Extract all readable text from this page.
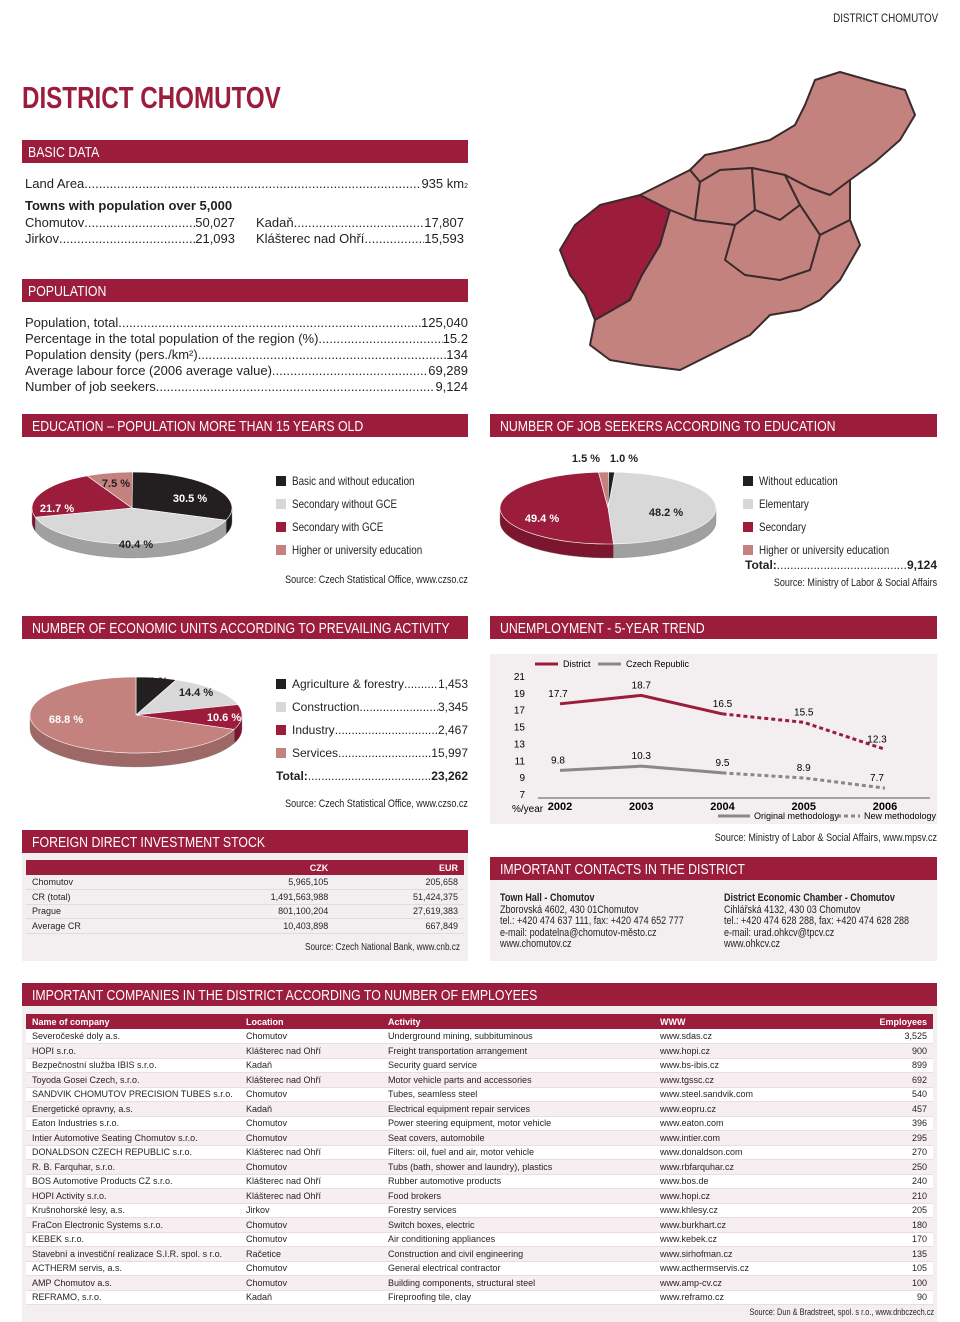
DISTRICT CHOMUTOV
DISTRICT CHOMUTOV
BASIC DATA
Land Area .....	935 $km_2$
Towns with population over 5,000
Chomutov .....	50,027
Jirkov .....	21,093
Kadaň .....	17,807
Klášterec nad Ohří .....	15,593
POPULATION
Population, total .....	125,040
Percentage in the total population of the region (%) .....	15.2
Population density (pers./km²) .....	134
Average labour force (2006 average value) .....	69,289
Number of job seekers .....	9,124
EDUCATION – POPULATION MORE THAN 15 YEARS OLD
30.5 %
40.4 %
21.7 %
7.5 %	Basic and without education
Secondary without GCE
Secondary with GCE
Higher or university education
Source: Czech Statistical Office, www.czso.cz
NUMBER OF JOB SEEKERS ACCORDING TO EDUCATION
1.0 %
48.2 %
49.4 %
1.5 %
Without education
Elementary
Secondary
Higher or university education
Total: .....	9,124
Source: Ministry of Labor & Social Affairs
NUMBER OF ECONOMIC UNITS ACCORDING TO PREVAILING ACTIVITY
6.2 %
14.4 %
10.6 %
68.8 %
Agriculture & forestry .....	1,453
Construction .....	3,345
Industry .....	2,467
Services .....	15,997
Total: .....	23,262
Source: Czech Statistical Office, www.czso.cz
UNEMPLOYMENT - 5-YEAR TREND
21
19
17
15
13
11
9
7
%/year 2002	2003	2004	2005	2006
17.7
18.7
16.5
15.5
12.3
9.8	10.3
9.5	8.9
7.7
District	Czech Republic
Original methodology	New methodology
Source: Ministry of Labor & Social Affairs, www.mpsv.cz
FOREIGN DIRECT INVESTMENT STOCK
	CZK	EUR
Chomutov	5,965,105	205,658
CR (total)	1,491,563,988	51,424,375
Prague	801,100,204	27,619,383
Average CR	10,403,898	667,849
Source: Czech National Bank, www.cnb.cz
IMPORTANT CONTACTS IN THE DISTRICT
Town Hall - Chomutov
Zborovská 4602, 430 01Chomutov
tel.: +420 474 637 111, fax: +420 474 652 777
e-mail: podatelna@chomutov-město.cz
www.chomutov.cz
District Economic Chamber - Chomutov
Cihlářská 4132, 430 03 Chomutov
tel.: +420 474 628 288, fax: +420 474 628 288
e-mail: urad.ohkcv@tpcv.cz
www.ohkcv.cz
IMPORTANT COMPANIES IN THE DISTRICT ACCORDING TO NUMBER OF EMPLOYEES
Name of company	Location	Activity	WWW	Employees
Severočeské doly a.s.	Chomutov	Underground mining, subbituminous	www.sdas.cz	3,525
HOPI s.r.o.	Klášterec nad Ohří	Freight transportation arrangement	www.hopi.cz	900
Bezpečnostní služba IBIS s.r.o.	Kadaň	Security guard service	www.bs-ibis.cz	899
Toyoda Gosei Czech, s.r.o.	Klášterec nad Ohří	Motor vehicle parts and accessories	www.tgssc.cz	692
SANDVIK CHOMUTOV PRECISION TUBES s.r.o.	Chomutov	Tubes, seamless steel	www.steel.sandvik.com	540
Energetické opravny, a.s.	Kadaň	Electrical equipment repair services	www.eopru.cz	457
Eaton Industries s.r.o.	Chomutov	Power steering equipment, motor vehicle	www.eaton.com	396
Intier Automotive Seating Chomutov s.r.o.	Chomutov	Seat covers, automobile	www.intier.com	295
DONALDSON CZECH REPUBLIC s.r.o.	Klášterec nad Ohří	Filters: oil, fuel and air, motor vehicle	www.donaldson.com	270
R. B. Farquhar, s.r.o.	Chomutov	Tubs (bath, shower and laundry), plastics	www.rbfarquhar.cz	250
BOS Automotive Products CZ s.r.o.	Klášterec nad Ohří	Rubber automotive products	www.bos.de	240
HOPI Activity s.r.o.	Klášterec nad Ohří	Food brokers	www.hopi.cz	210
Krušnohorské lesy, a.s.	Jirkov	Forestry services	www.khlesy.cz	205
FraCon Electronic Systems s.r.o.	Chomutov	Switch boxes, electric	www.burkhart.cz	180
KEBEK s.r.o.	Chomutov	Air conditioning appliances	www.kebek.cz	170
Stavební a investiční realizace S.I.R. spol. s r.o.	Račetice	Construction and civil engineering	www.sirhofman.cz	135
ACTHERM servis, a.s.	Chomutov	General electrical contractor	www.acthermservis.cz	105
AMP Chomutov a.s.	Chomutov	Building components, structural steel	www.amp-cv.cz	100
REFRAMO, s.r.o.	Kadaň	Fireproofing tile, clay	www.reframo.cz	90
Source: Dun & Bradstreet, spol. s r.o., www.dnbczech.cz
